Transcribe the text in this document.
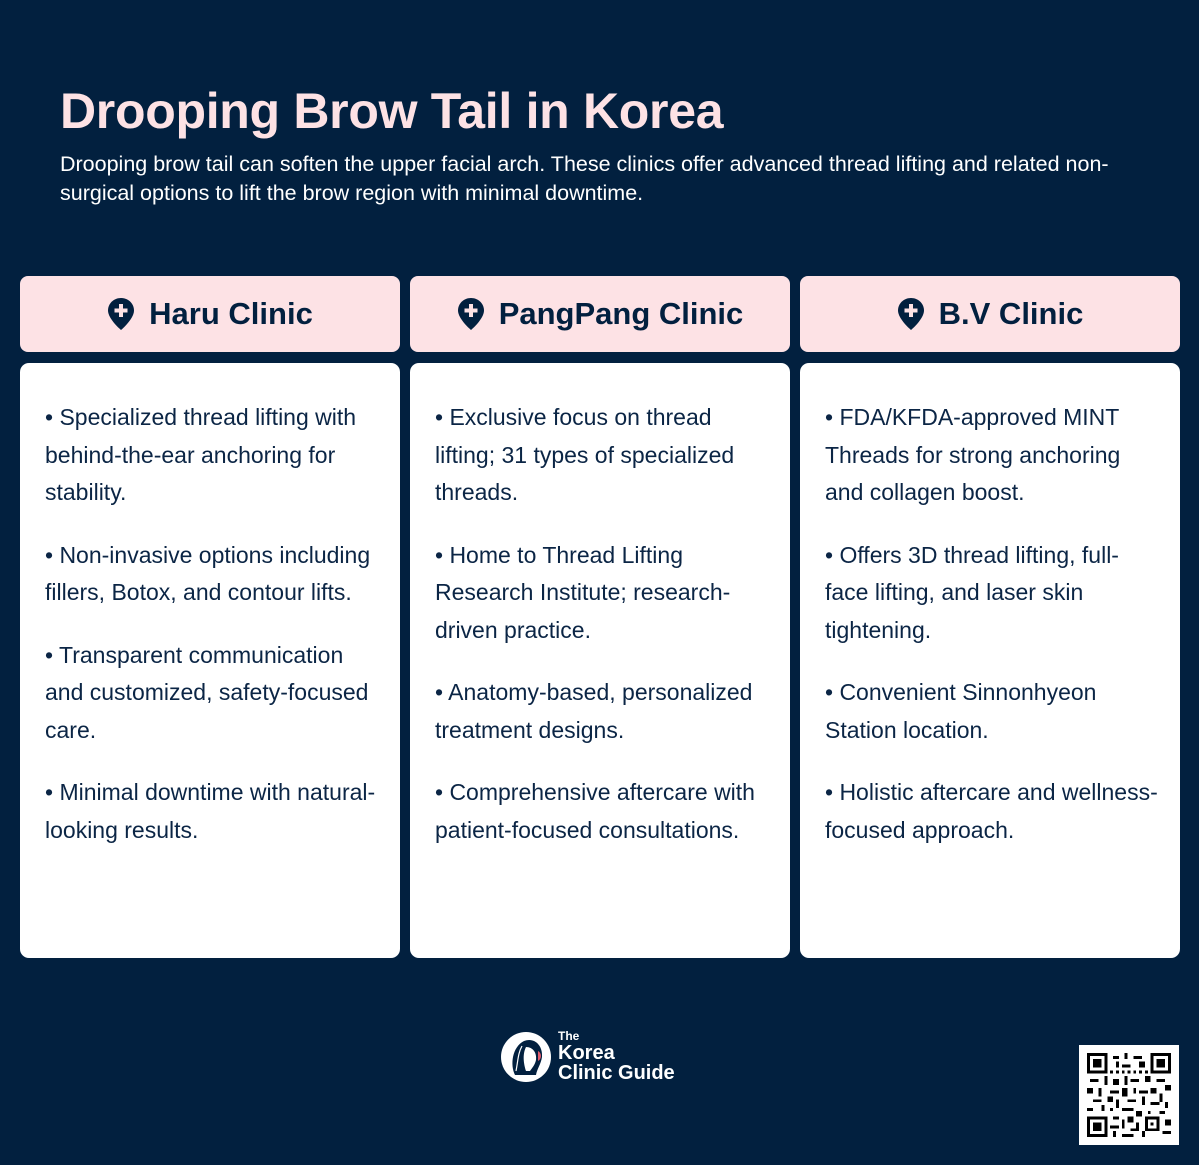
Drooping Brow Tail in Korea
Drooping brow tail can soften the upper facial arch. These clinics offer advanced thread lifting and related non-surgical options to lift the brow region with minimal downtime.
Haru Clinic

• Specialized thread lifting with behind-the-ear anchoring for stability.

• Non-invasive options including fillers, Botox, and contour lifts.

• Transparent communication and customized, safety-focused care.

• Minimal downtime with natural-looking results.

PangPang Clinic

• Exclusive focus on thread lifting; 31 types of specialized threads.

• Home to Thread Lifting Research Institute; research-driven practice.

• Anatomy-based, personalized treatment designs.

• Comprehensive aftercare with patient-focused consultations.

B.V Clinic

• FDA/KFDA-approved MINT Threads for strong anchoring and collagen boost.

• Offers 3D thread lifting, full-face lifting, and laser skin tightening.

• Convenient Sinnonhyeon Station location.

• Holistic aftercare and wellness-focused approach.

The
Korea
Clinic Guide
